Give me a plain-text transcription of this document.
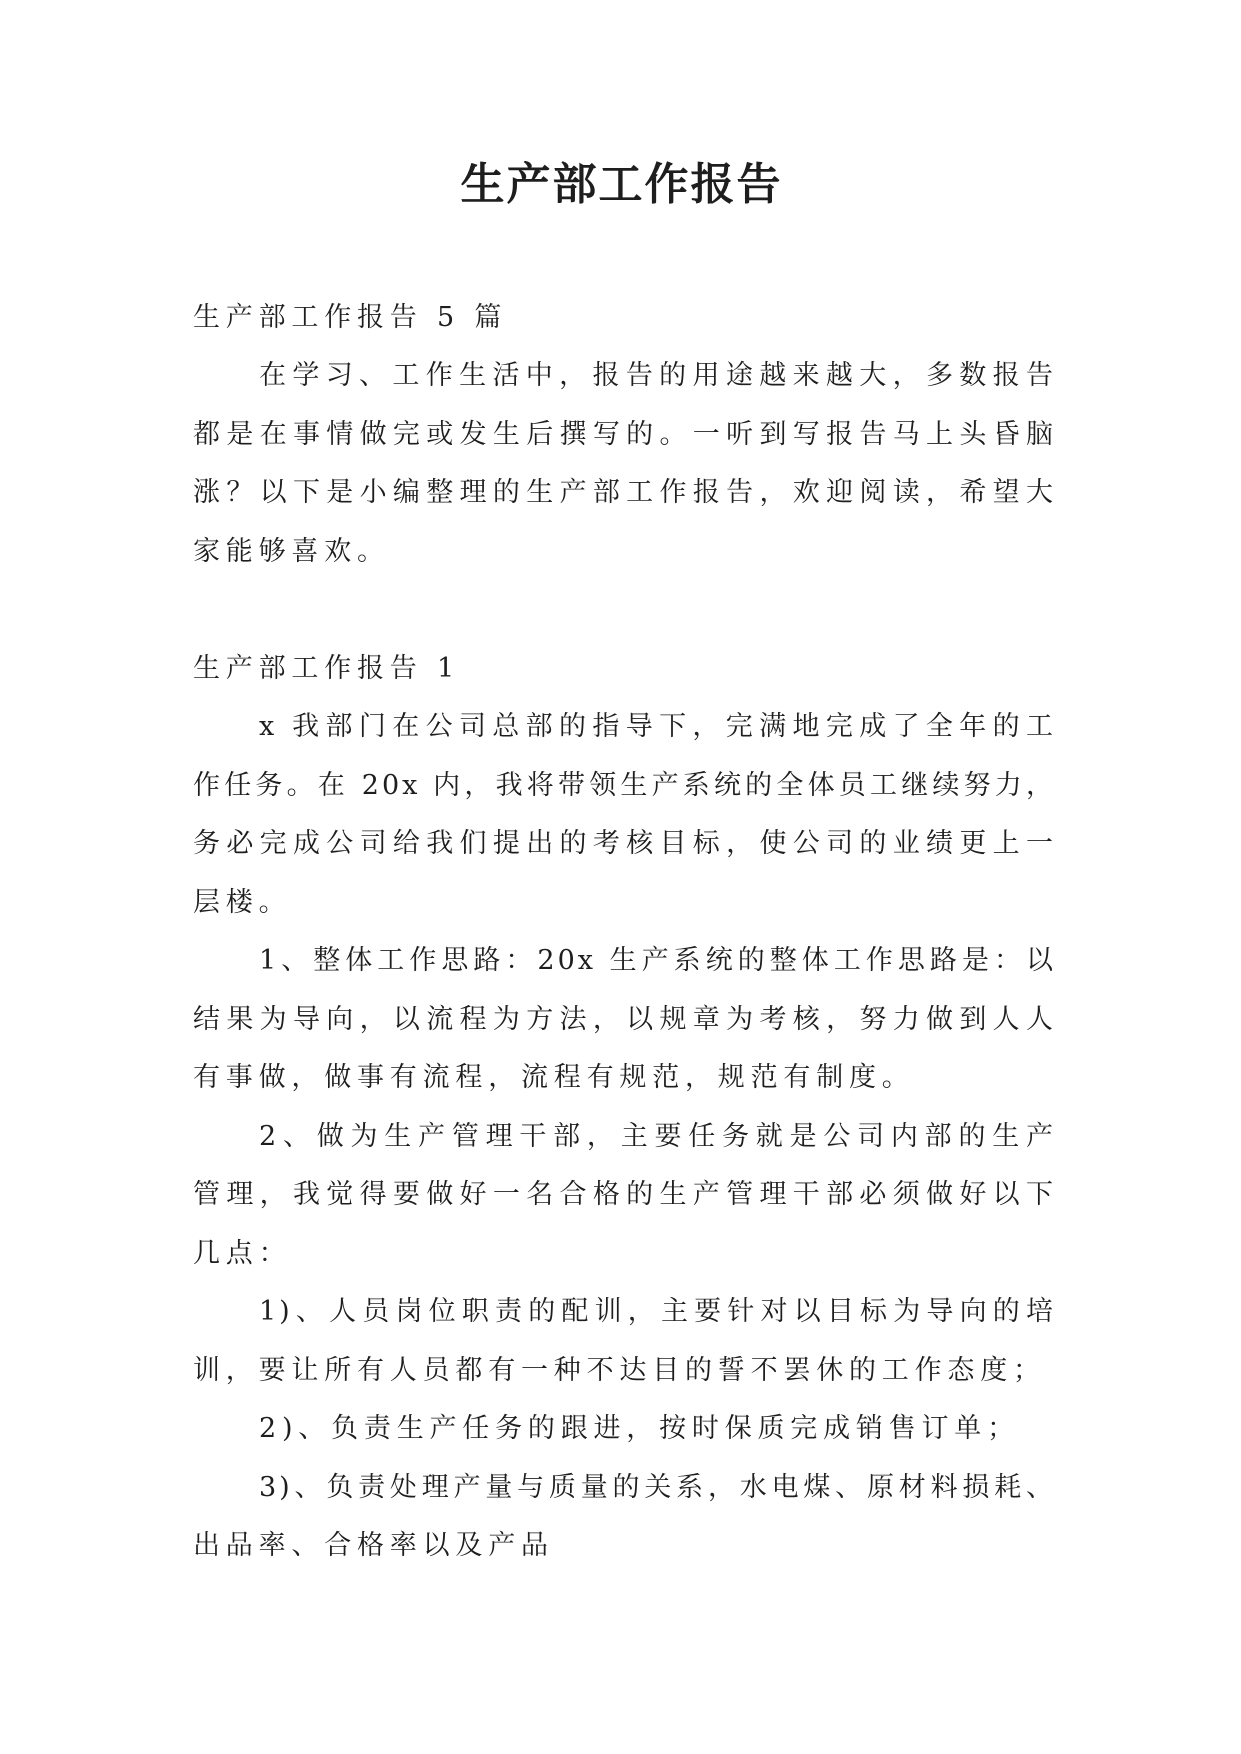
生产部工作报告
生产部工作报告 5 篇
在学习、工作生活中，报告的用途越来越大，多数报告
都是在事情做完或发生后撰写的。一听到写报告马上头昏脑
涨？以下是小编整理的生产部工作报告，欢迎阅读，希望大
家能够喜欢。
生产部工作报告 1
x 我部门在公司总部的指导下，完满地完成了全年的工
作任务。在 20x 内，我将带领生产系统的全体员工继续努力，
务必完成公司给我们提出的考核目标，使公司的业绩更上一
层楼。
1、整体工作思路：20x 生产系统的整体工作思路是：以
结果为导向，以流程为方法，以规章为考核，努力做到人人
有事做，做事有流程，流程有规范，规范有制度。
2、做为生产管理干部，主要任务就是公司内部的生产
管理，我觉得要做好一名合格的生产管理干部必须做好以下
几点：
1)、人员岗位职责的配训，主要针对以目标为导向的培
训，要让所有人员都有一种不达目的誓不罢休的工作态度；
2)、负责生产任务的跟进，按时保质完成销售订单；
3)、负责处理产量与质量的关系，水电煤、原材料损耗、
出品率、合格率以及产品
